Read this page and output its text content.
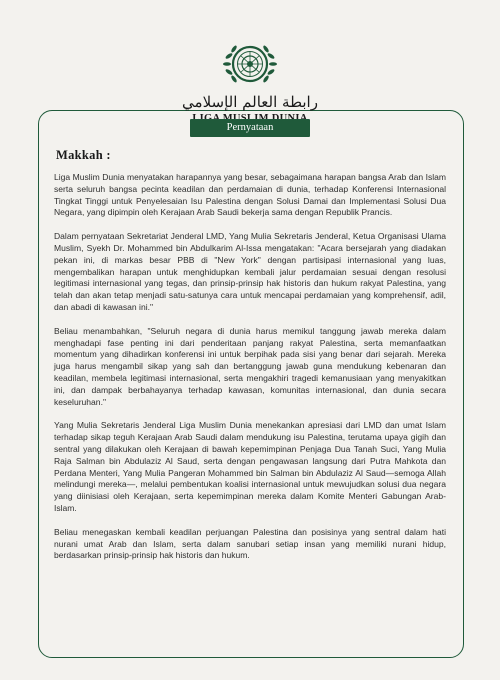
رابطة العالم الإسلامي
Pernyataan
Makkah :

Liga Muslim Dunia menyatakan harapannya yang besar, sebagaimana harapan bangsa Arab dan Islam serta seluruh bangsa pecinta keadilan dan perdamaian di dunia, terhadap Konferensi Internasional Tingkat Tinggi untuk Penyelesaian Isu Palestina dengan Solusi Damai dan Implementasi Solusi Dua Negara, yang dipimpin oleh Kerajaan Arab Saudi bekerja sama dengan Republik Prancis.

Dalam pernyataan Sekretariat Jenderal LMD, Yang Mulia Sekretaris Jenderal, Ketua Organisasi Ulama Muslim, Syekh Dr. Mohammed bin Abdulkarim Al-Issa mengatakan: "Acara bersejarah yang diadakan pekan ini, di markas besar PBB di "New York" dengan partisipasi internasional yang luas, mengembalikan harapan untuk menghidupkan kembali jalur perdamaian sesuai dengan resolusi legitimasi internasional yang tegas, dan prinsip-prinsip hak historis dan hukum rakyat Palestina, yang telah dan akan tetap menjadi satu-satunya cara untuk mencapai perdamaian yang komprehensif, adil, dan abadi di kawasan ini."

Beliau menambahkan, "Seluruh negara di dunia harus memikul tanggung jawab mereka dalam menghadapi fase penting ini dari penderitaan panjang rakyat Palestina, serta memanfaatkan momentum yang dihadirkan konferensi ini untuk berpihak pada sisi yang benar dari sejarah. Mereka juga harus mengambil sikap yang sah dan bertanggung jawab guna mendukung kebenaran dan keadilan, membela legitimasi internasional, serta mengakhiri tragedi kemanusiaan yang menyakitkan ini, dan dampak berbahayanya terhadap kawasan, komunitas internasional, dan dunia secara keseluruhan."

Yang Mulia Sekretaris Jenderal Liga Muslim Dunia menekankan apresiasi dari LMD dan umat Islam terhadap sikap teguh Kerajaan Arab Saudi dalam mendukung isu Palestina, terutama upaya gigih dan sentral yang dilakukan oleh Kerajaan di bawah kepemimpinan Penjaga Dua Tanah Suci, Yang Mulia Raja Salman bin Abdulaziz Al Saud, serta dengan pengawasan langsung dari Putra Mahkota dan Perdana Menteri, Yang Mulia Pangeran Mohammed bin Salman bin Abdulaziz Al Saud—semoga Allah melindungi mereka—, melalui pembentukan koalisi internasional untuk mewujudkan solusi dua negara yang diinisiasi oleh Kerajaan, serta kepemimpinan mereka dalam Komite Menteri Gabungan Arab-Islam.

Beliau menegaskan kembali keadilan perjuangan Palestina dan posisinya yang sentral dalam hati nurani umat Arab dan Islam, serta dalam sanubari setiap insan yang memiliki nurani hidup, berdasarkan prinsip-prinsip hak historis dan hukum.
